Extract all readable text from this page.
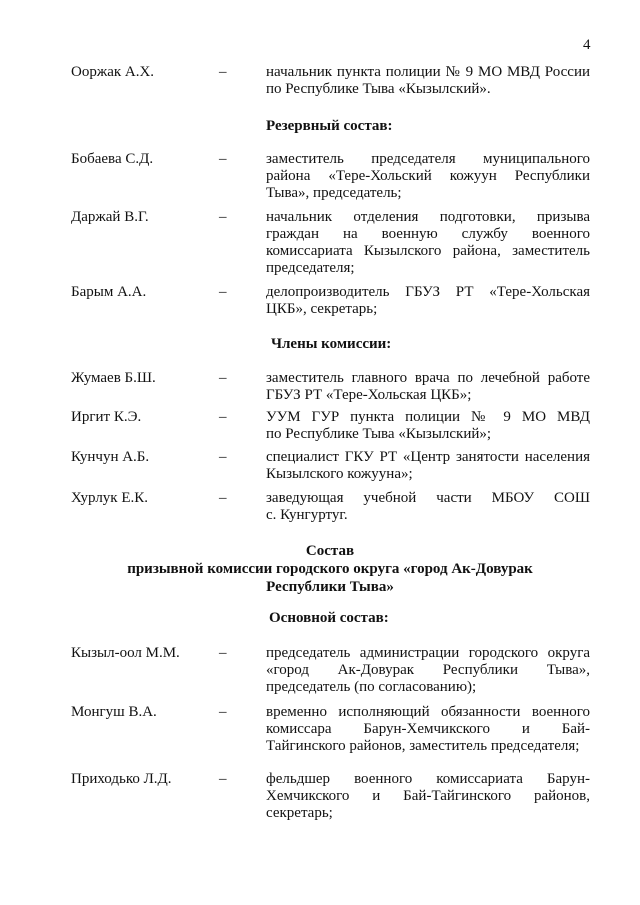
4
Ооржак А.Х.	–	начальник пункта полиции № 9 МО МВД России
по Республике Тыва «Кызылский».
Резервный состав:
Бобаева С.Д.	–	заместитель председателя муниципального
района «Тере-Хольский кожуун Республики
Тыва», председатель;
Даржай В.Г.	–	начальник отделения подготовки, призыва
граждан на военную службу военного
комиссариата Кызылского района, заместитель
председателя;
Барым А.А.	–	делопроизводитель ГБУЗ РТ «Тере-Хольская
ЦКБ», секретарь;
Члены комиссии:
Жумаев Б.Ш.	–	заместитель главного врача по лечебной работе
ГБУЗ РТ «Тере-Хольская ЦКБ»;
Иргит К.Э.	–	УУМ ГУР пункта полиции № 9 МО МВД
по Республике Тыва «Кызылский»;
Кунчун А.Б.	–	специалист ГКУ РТ «Центр занятости населения
Кызылского кожууна»;
Хурлук Е.К.	–	заведующая учебной части МБОУ СОШ
с. Кунгуртуг.
Состав
призывной комиссии городского округа «город Ак-Довурак
Республики Тыва»
Основной состав:
Кызыл-оол М.М.	–	председатель администрации городского округа
«город Ак-Довурак Республики Тыва»,
председатель (по согласованию);
Монгуш В.А.	–	временно исполняющий обязанности военного
комиссара Барун-Хемчикского и Бай-
Тайгинского районов, заместитель председателя;
Приходько Л.Д.	–	фельдшер военного комиссариата Барун-
Хемчикского и Бай-Тайгинского районов,
секретарь;
